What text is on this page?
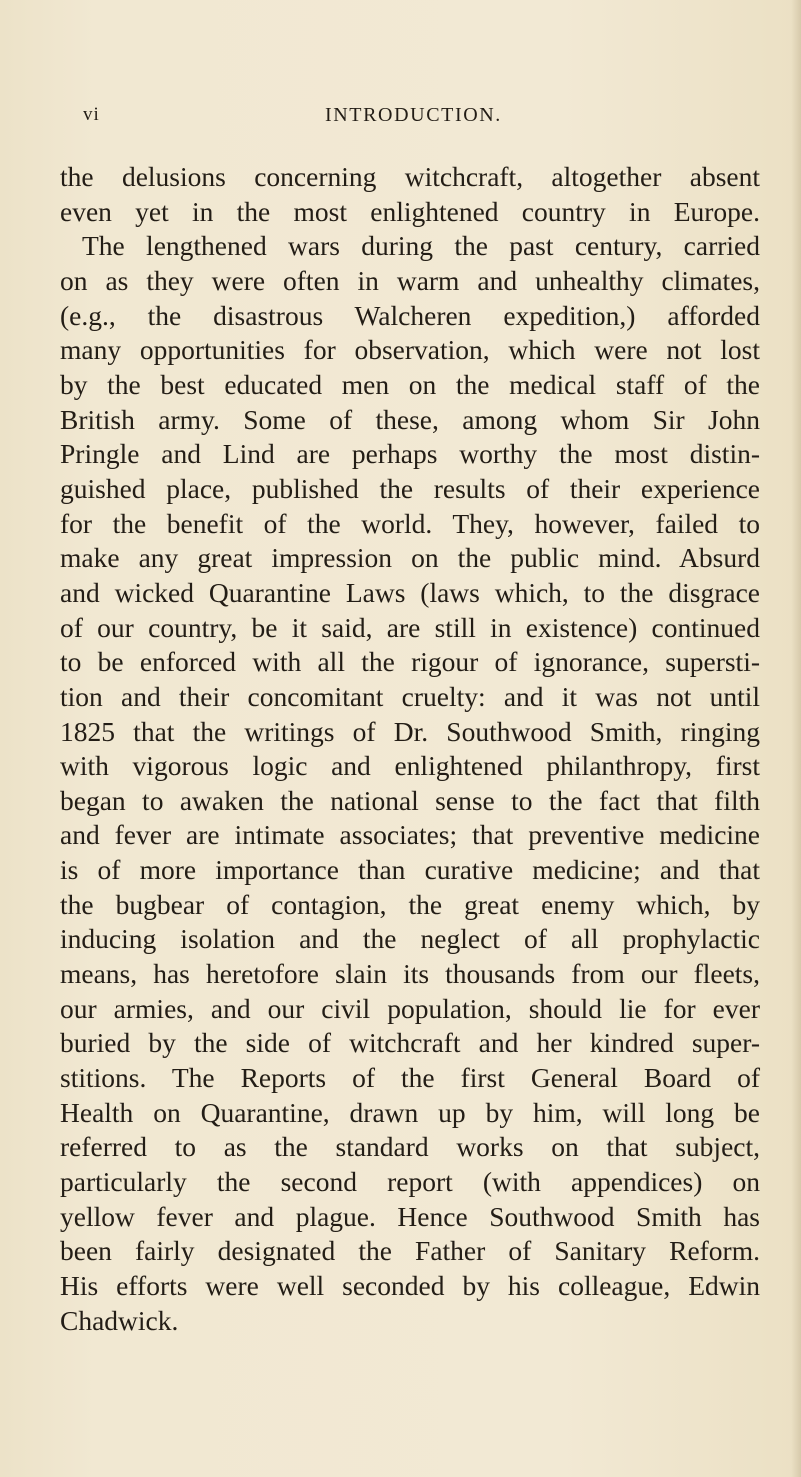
vi	INTRODUCTION.
the delusions concerning witchcraft, altogether absent
even yet in the most enlightened country in Europe.
The lengthened wars during the past century, carried
on as they were often in warm and unhealthy climates,
(e.g., the disastrous Walcheren expedition,) afforded
many opportunities for observation, which were not lost
by the best educated men on the medical staff of the
British army. Some of these, among whom Sir John
Pringle and Lind are perhaps worthy the most distin-
guished place, published the results of their experience
for the benefit of the world. They, however, failed to
make any great impression on the public mind. Absurd
and wicked Quarantine Laws (laws which, to the disgrace
of our country, be it said, are still in existence) continued
to be enforced with all the rigour of ignorance, supersti-
tion and their concomitant cruelty: and it was not until
1825 that the writings of Dr. Southwood Smith, ringing
with vigorous logic and enlightened philanthropy, first
began to awaken the national sense to the fact that filth
and fever are intimate associates; that preventive medicine
is of more importance than curative medicine; and that
the bugbear of contagion, the great enemy which, by
inducing isolation and the neglect of all prophylactic
means, has heretofore slain its thousands from our fleets,
our armies, and our civil population, should lie for ever
buried by the side of witchcraft and her kindred super-
stitions. The Reports of the first General Board of
Health on Quarantine, drawn up by him, will long be
referred to as the standard works on that subject,
particularly the second report (with appendices) on
yellow fever and plague. Hence Southwood Smith has
been fairly designated the Father of Sanitary Reform.
His efforts were well seconded by his colleague, Edwin
Chadwick.
